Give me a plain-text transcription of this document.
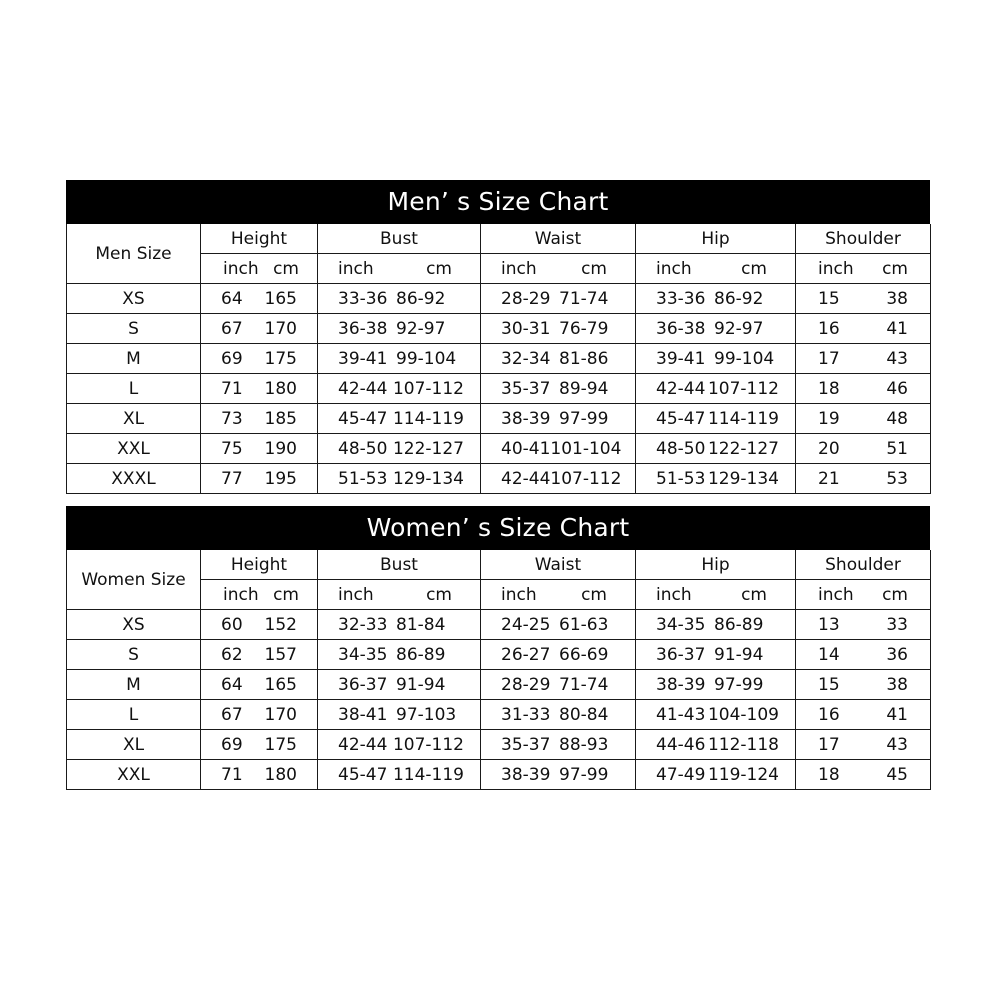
Men’ s Size Chart
Men Size	Height	Bust	Waist	Hip	Shoulder

	inch cm	inch cm	inch cm	inch cm	inch cm

XS	64 165	33-36 86-92	28-29 71-74	33-36 86-92	15 38

S	67 170	36-38 92-97	30-31 76-79	36-38 92-97	16 41

M	69 175	39-41 99-104	32-34 81-86	39-41 99-104	17 43

L	71 180	42-44 107-112	35-37 89-94	42-44 107-112	18 46

XL	73 185	45-47 114-119	38-39 97-99	45-47 114-119	19 48

XXL	75 190	48-50 122-127	40-41 101-104	48-50 122-127	20 51

XXXL	77 195	51-53 129-134	42-44 107-112	51-53 129-134	21 53
Women’ s Size Chart
Women Size	Height	Bust	Waist	Hip	Shoulder

	inch cm	inch cm	inch cm	inch cm	inch cm

XS	60 152	32-33 81-84	24-25 61-63	34-35 86-89	13 33

S	62 157	34-35 86-89	26-27 66-69	36-37 91-94	14 36

M	64 165	36-37 91-94	28-29 71-74	38-39 97-99	15 38

L	67 170	38-41 97-103	31-33 80-84	41-43 104-109	16 41

XL	69 175	42-44 107-112	35-37 88-93	44-46 112-118	17 43

XXL	71 180	45-47 114-119	38-39 97-99	47-49 119-124	18 45
